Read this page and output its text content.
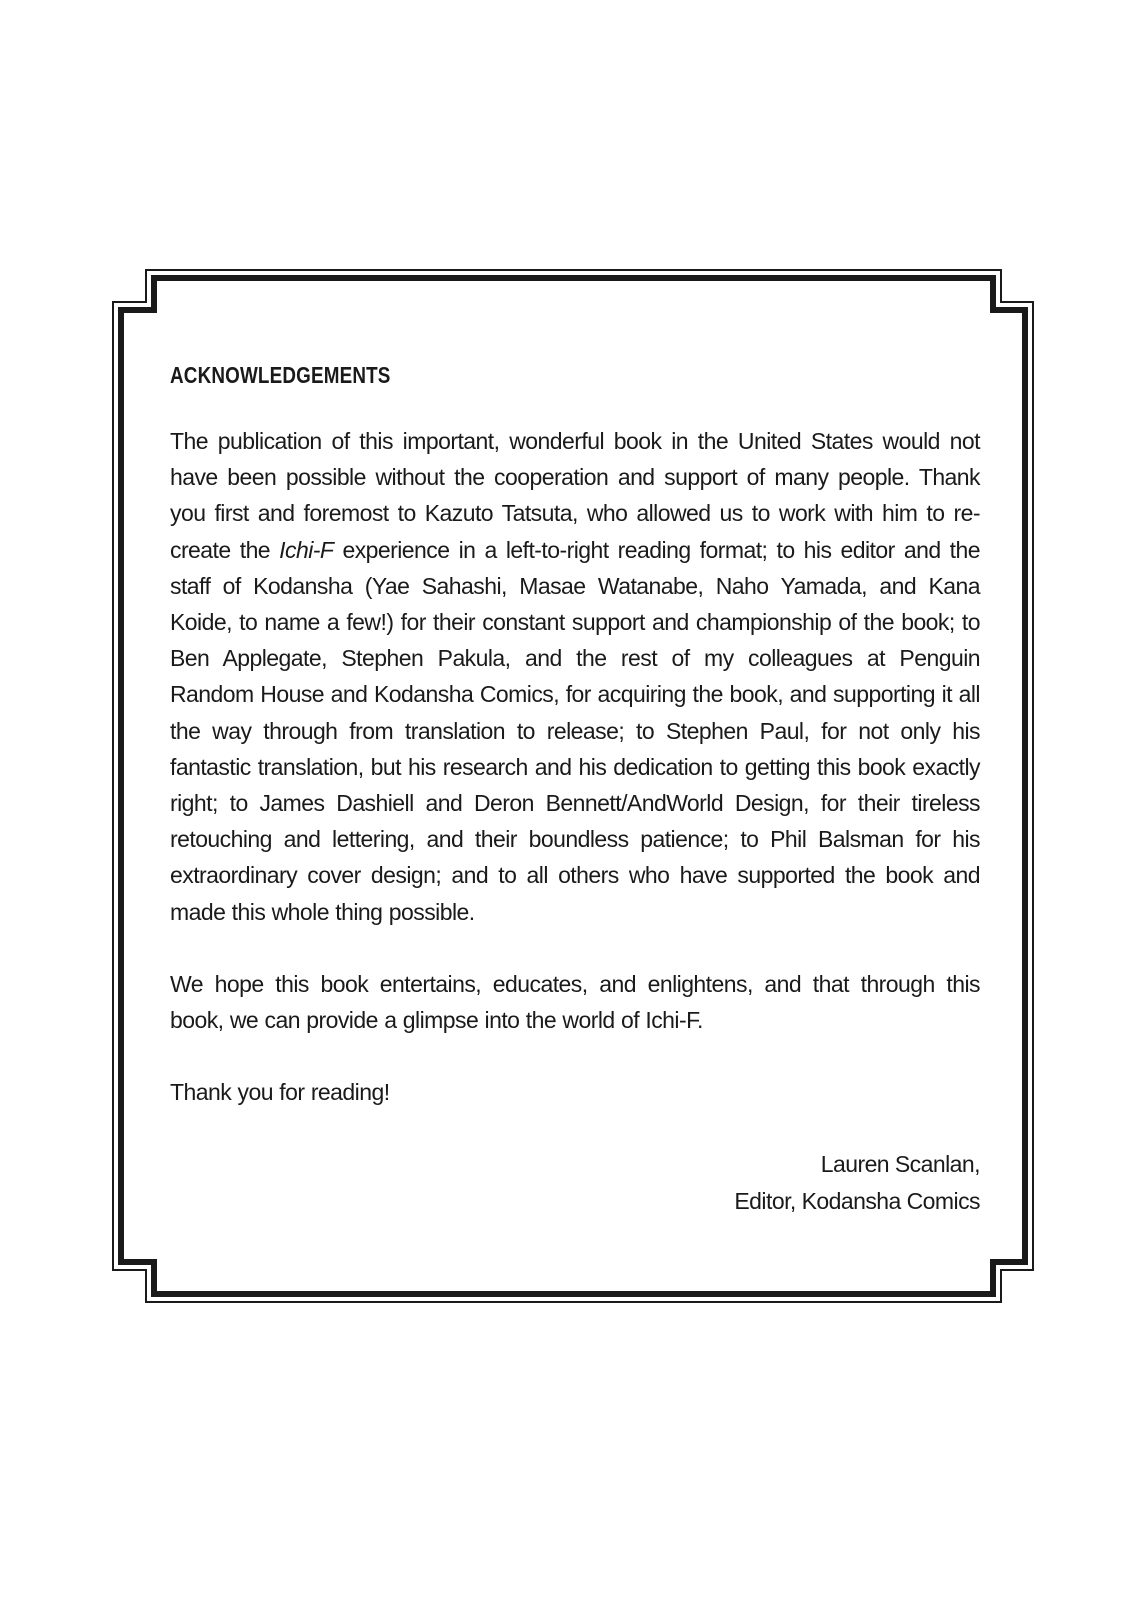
ACKNOWLEDGEMENTS

The publication of this important, wonderful book in the United States would not have been possible without the cooperation and support of many people. Thank you first and foremost to Kazuto Tatsuta, who allowed us to work with him to re-create the Ichi-F experience in a left-to-right reading format; to his editor and the staff of Kodansha (Yae Sahashi, Masae Watanabe, Naho Yamada, and Kana Koide, to name a few!) for their constant support and championship of the book; to Ben Applegate, Stephen Pakula, and the rest of my colleagues at Penguin Random House and Kodansha Comics, for acquiring the book, and supporting it all the way through from translation to release; to Stephen Paul, for not only his fantastic translation, but his research and his dedication to getting this book exactly right; to James Dashiell and Deron Bennett/AndWorld Design, for their tireless retouching and lettering, and their boundless patience; to Phil Balsman for his extraordinary cover design; and to all others who have supported the book and made this whole thing possible.

We hope this book entertains, educates, and enlightens, and that through this book, we can provide a glimpse into the world of Ichi-F.

Thank you for reading!

Lauren Scanlan,
Editor, Kodansha Comics
